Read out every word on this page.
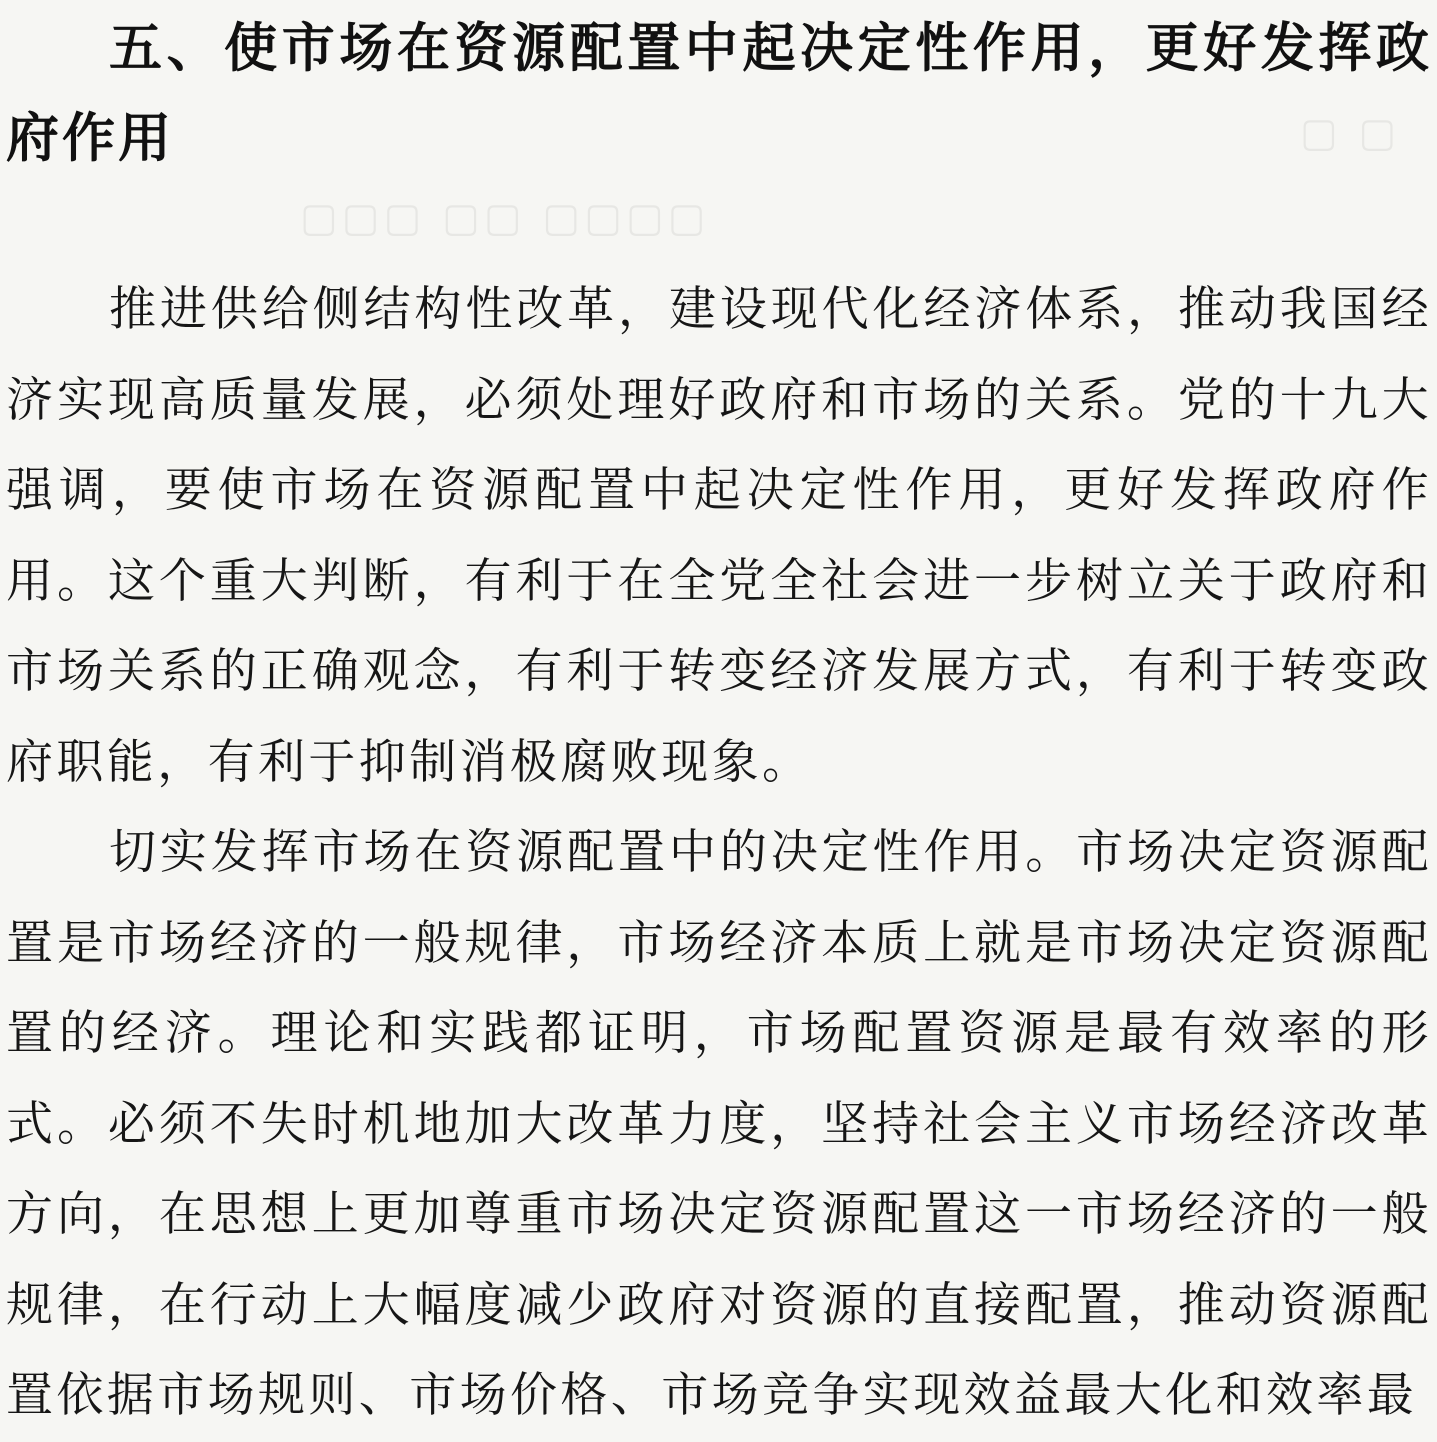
▢ ▢
▢▢▢ ▢▢ ▢▢▢▢
五、使市场在资源配置中起决定性作用，更好发挥政府作用

推进供给侧结构性改革，建设现代化经济体系，推动我国经济实现高质量发展，必须处理好政府和市场的关系。党的十九大强调，要使市场在资源配置中起决定性作用，更好发挥政府作用。这个重大判断，有利于在全党全社会进一步树立关于政府和市场关系的正确观念，有利于转变经济发展方式，有利于转变政府职能，有利于抑制消极腐败现象。

切实发挥市场在资源配置中的决定性作用。市场决定资源配置是市场经济的一般规律，市场经济本质上就是市场决定资源配置的经济。理论和实践都证明，市场配置资源是最有效率的形式。必须不失时机地加大改革力度，坚持社会主义市场经济改革方向，在思想上更加尊重市场决定资源配置这一市场经济的一般规律，在行动上大幅度减少政府对资源的直接配置，推动资源配置依据市场规则、市场价格、市场竞争实现效益最大化和效率最
